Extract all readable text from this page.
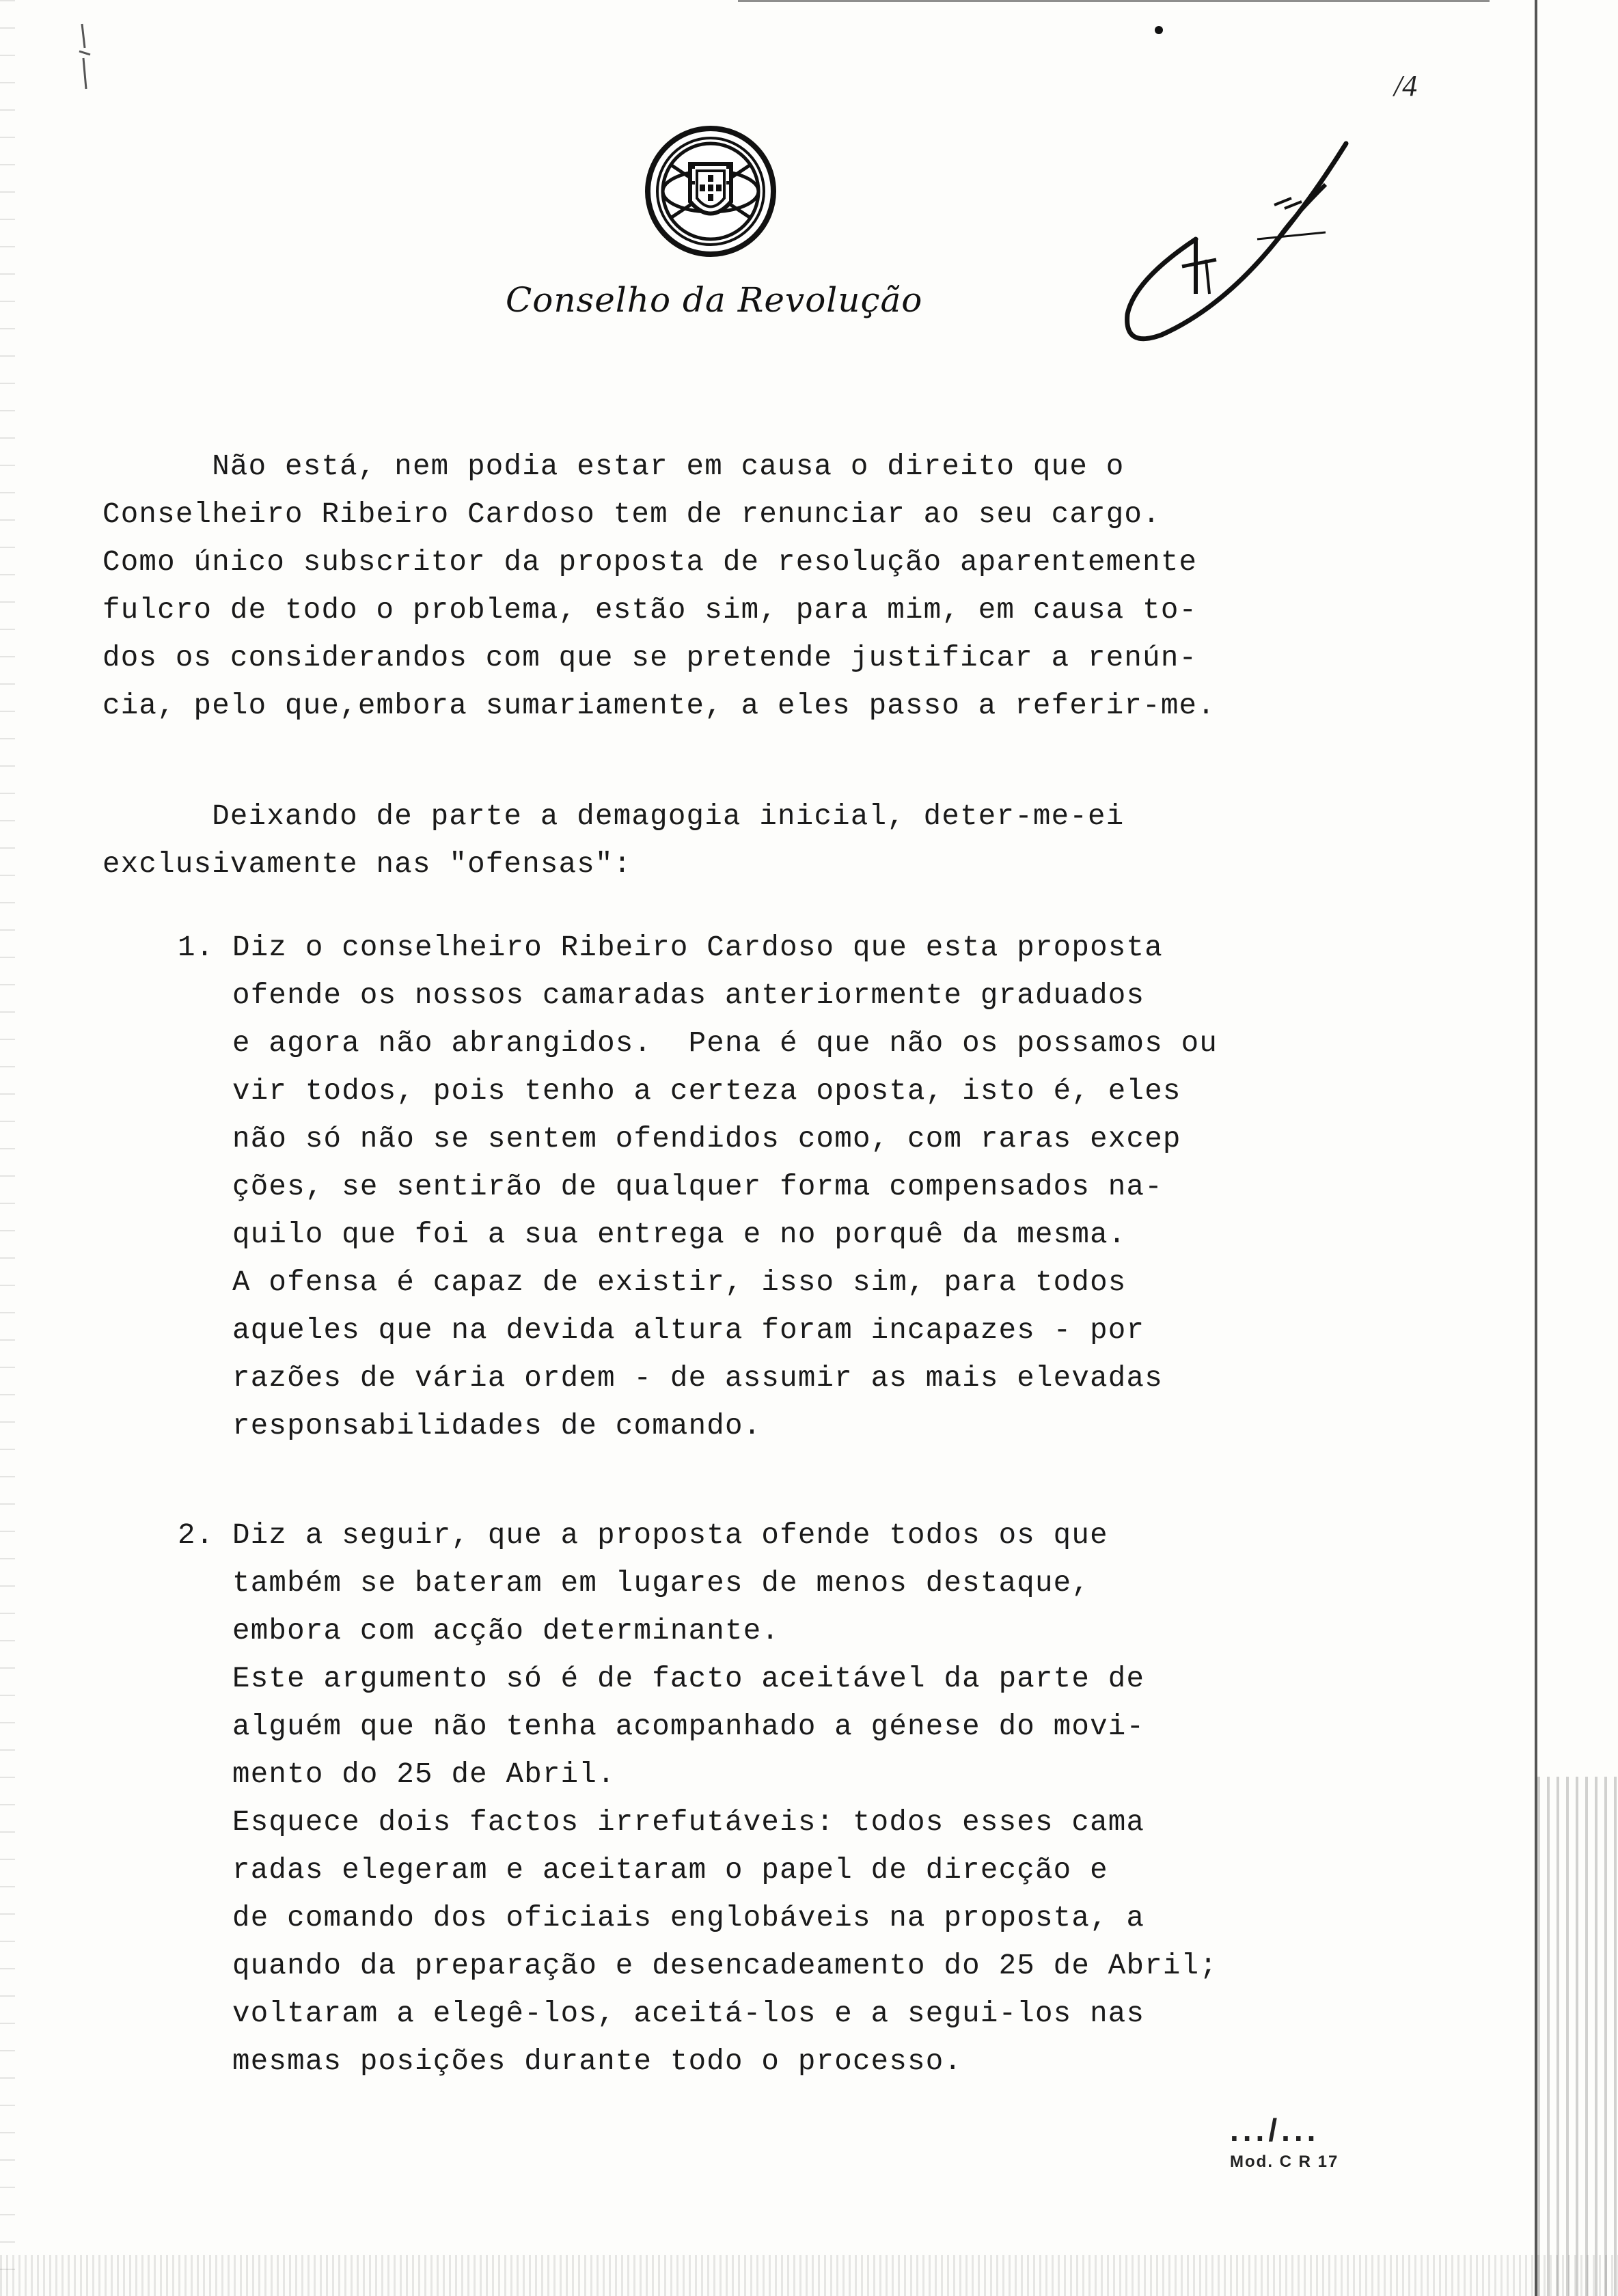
/4
Conselho da Revolução
Não está, nem podia estar em causa o direito que o
Conselheiro Ribeiro Cardoso tem de renunciar ao seu cargo.
Como único subscritor da proposta de resolução aparentemente
fulcro de todo o problema, estão sim, para mim, em causa to-
dos os considerandos com que se pretende justificar a renún-
cia, pelo que,embora sumariamente, a eles passo a referir-me.
Deixando de parte a demagogia inicial, deter-me-ei
exclusivamente nas "ofensas":
1. Diz o conselheiro Ribeiro Cardoso que esta proposta
ofende os nossos camaradas anteriormente graduados
e agora não abrangidos.  Pena é que não os possamos ou
vir todos, pois tenho a certeza oposta, isto é, eles
não só não se sentem ofendidos como, com raras excep
ções, se sentirão de qualquer forma compensados na-
quilo que foi a sua entrega e no porquê da mesma.
A ofensa é capaz de existir, isso sim, para todos
aqueles que na devida altura foram incapazes - por
razões de vária ordem - de assumir as mais elevadas
responsabilidades de comando.
2. Diz a seguir, que a proposta ofende todos os que
também se bateram em lugares de menos destaque,
embora com acção determinante.
Este argumento só é de facto aceitável da parte de
alguém que não tenha acompanhado a génese do movi-
mento do 25 de Abril.
Esquece dois factos irrefutáveis: todos esses cama
radas elegeram e aceitaram o papel de direcção e
de comando dos oficiais englobáveis na proposta, a
quando da preparação e desencadeamento do 25 de Abril;
voltaram a elegê-los, aceitá-los e a segui-los nas
mesmas posições durante todo o processo.
.../...
Mod. C R 17
